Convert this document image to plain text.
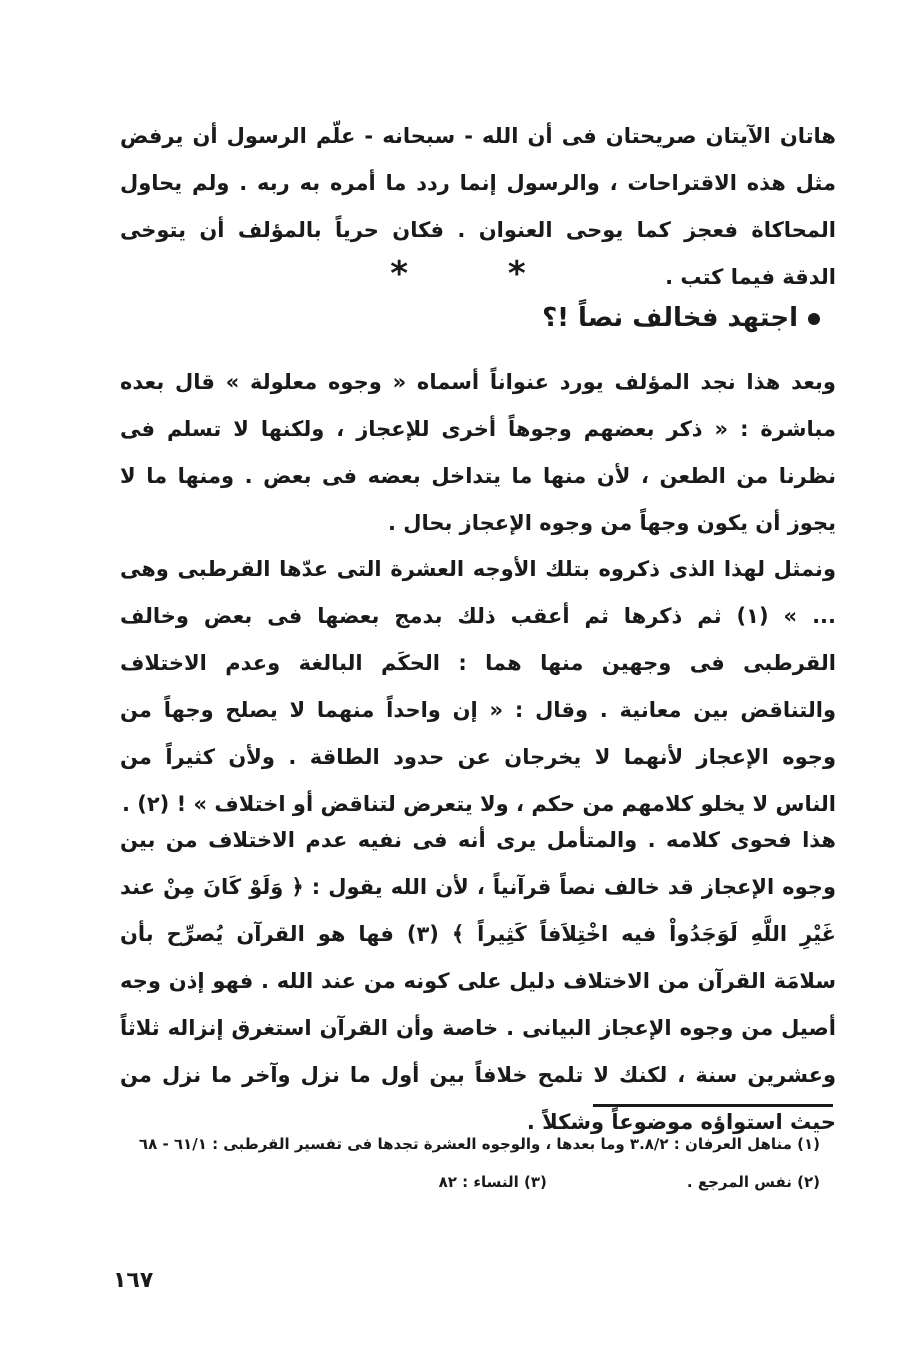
هاتان الآيتان صريحتان فى أن الله - سبحانه - علّم الرسول أن يرفض مثل هذه الاقتراحات ، والرسول إنما ردد ما أمره به ربه . ولم يحاول المحاكاة فعجز كما يوحى العنوان . فكان حرياً بالمؤلف أن يتوخى الدقة فيما كتب .

* *
اجتهد فخالف نصاً !؟

وبعد هذا نجد المؤلف يورد عنواناً أسماه « وجوه معلولة » قال بعده مباشرة : « ذكر بعضهم وجوهاً أخرى للإعجاز ، ولكنها لا تسلم فى نظرنا من الطعن ، لأن منها ما يتداخل بعضه فى بعض . ومنها ما لا يجوز أن يكون وجهاً من وجوه الإعجاز بحال .

ونمثل لهذا الذى ذكروه بتلك الأوجه العشرة التى عدّها القرطبى وهى ... » (١) ثم ذكرها ثم أعقب ذلك بدمج بعضها فى بعض وخالف القرطبى فى وجهين منها هما : الحكَم البالغة وعدم الاختلاف والتناقض بين معانية . وقال : « إن واحداً منهما لا يصلح وجهاً من وجوه الإعجاز لأنهما لا يخرجان عن حدود الطاقة . ولأن كثيراً من الناس لا يخلو كلامهم من حكم ، ولا يتعرض لتناقض أو اختلاف » ! (٢) .

هذا فحوى كلامه . والمتأمل يرى أنه فى نفيه عدم الاختلاف من بين وجوه الإعجاز قد خالف نصاً قرآنياً ، لأن الله يقول : ﴿ وَلَوْ كَانَ مِنْ عند غَيْرِ اللَّهِ لَوَجَدُواْ فيه اخْتِلاَفاً كَثِيراً ﴾ (٣) فها هو القرآن يُصرِّح بأن سلامَة القرآن من الاختلاف دليل على كونه من عند الله . فهو إذن وجه أصيل من وجوه الإعجاز البيانى . خاصة وأن القرآن استغرق إنزاله ثلاثاً وعشرين سنة ، لكنك لا تلمح خلافاً بين أول ما نزل وآخر ما نزل من حيث استواؤه موضوعاً وشكلاً .

(١) مناهل العرفان : ٣.٨/٢ وما بعدها ، والوجوه العشرة تجدها فى تفسير القرطبى : ٦١/١ - ٦٨
(٢) نفس المرجع .
(٣) النساء : ٨٢
١٦٧
